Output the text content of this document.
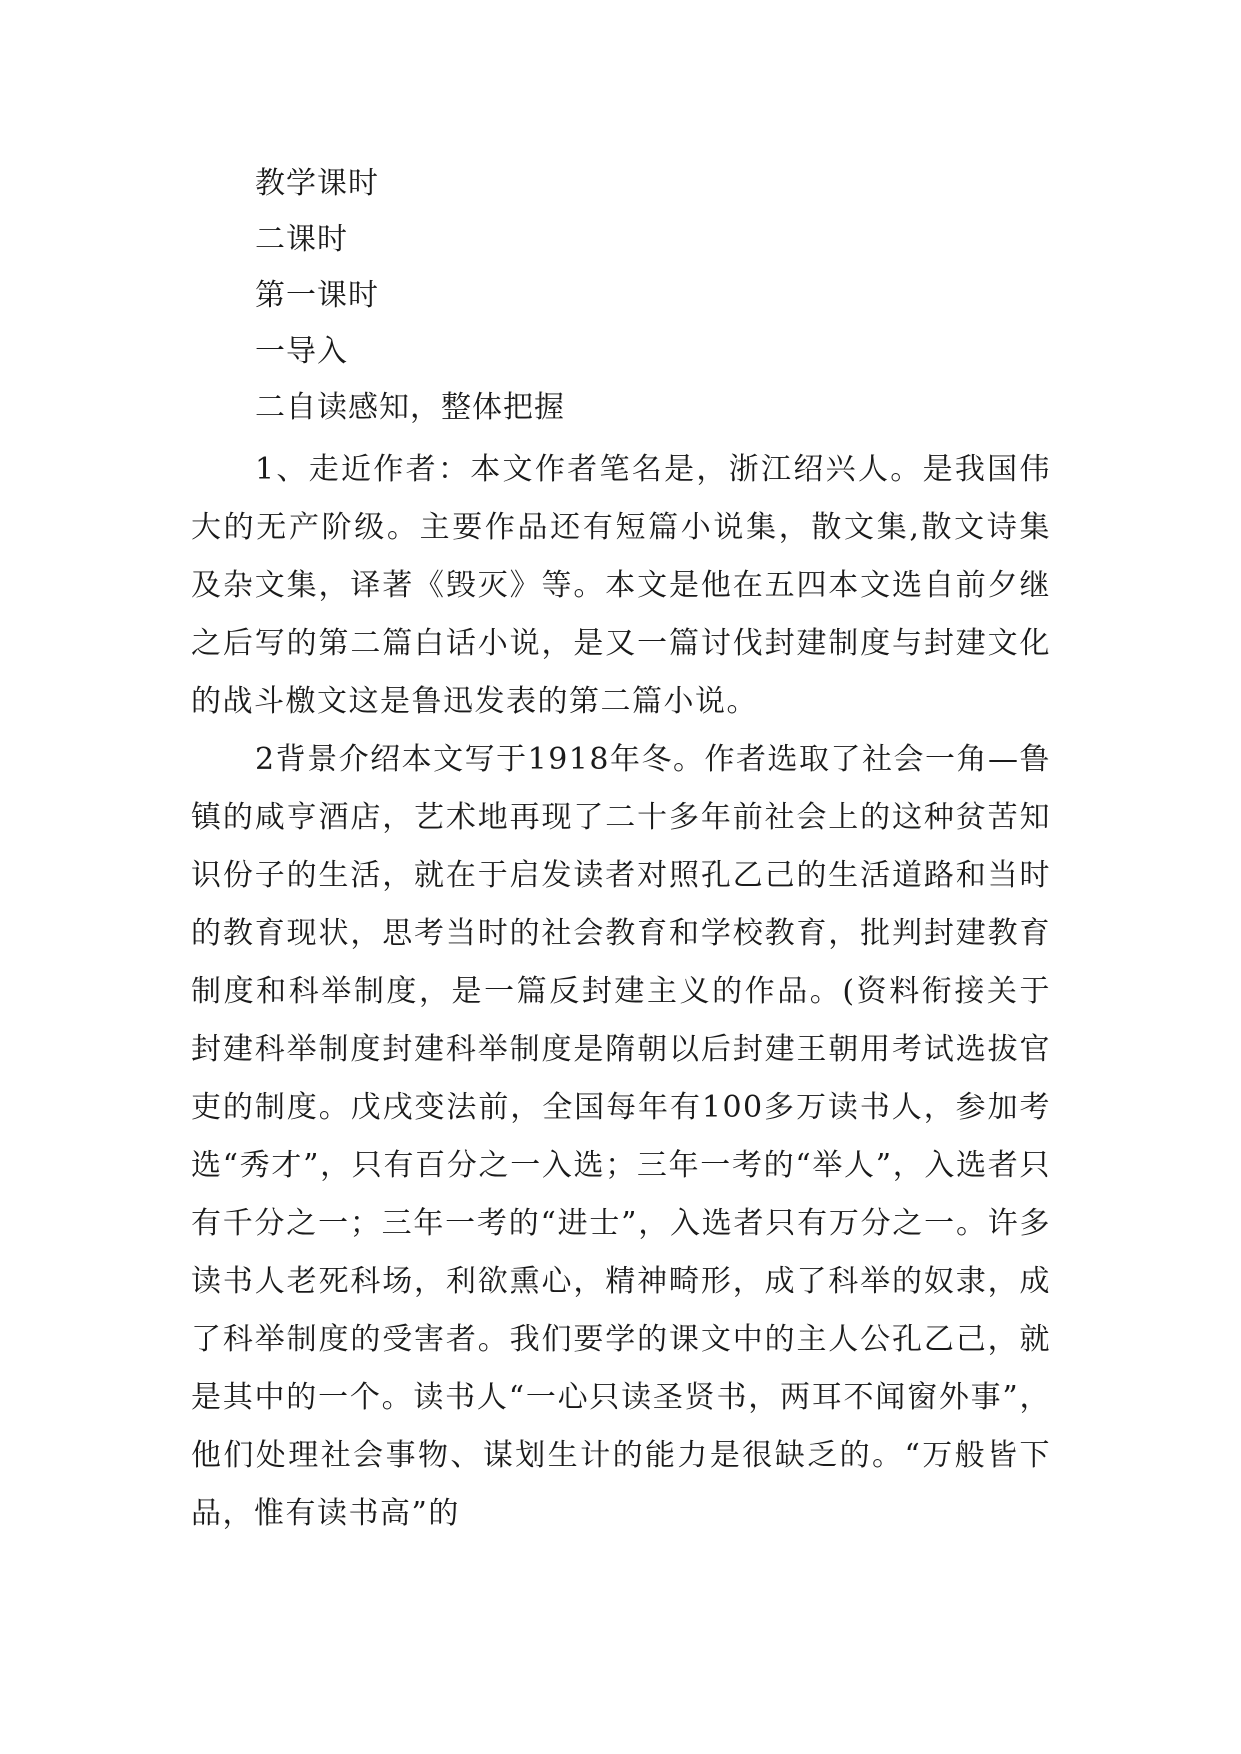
教学课时
二课时
第一课时
一导入
二自读感知，整体把握

1、走近作者：本文作者笔名是，浙江绍兴人。是我国伟大的无产阶级。主要作品还有短篇小说集，散文集,散文诗集及杂文集，译著《毁灭》等。本文是他在五四本文选自前夕继之后写的第二篇白话小说，是又一篇讨伐封建制度与封建文化的战斗檄文这是鲁迅发表的第二篇小说。

2背景介绍本文写于1918年冬。作者选取了社会一角—鲁镇的咸亨酒店，艺术地再现了二十多年前社会上的这种贫苦知识份子的生活，就在于启发读者对照孔乙己的生活道路和当时的教育现状，思考当时的社会教育和学校教育，批判封建教育制度和科举制度，是一篇反封建主义的作品。(资料衔接关于封建科举制度封建科举制度是隋朝以后封建王朝用考试选拔官吏的制度。戊戌变法前，全国每年有100多万读书人，参加考选“秀才”，只有百分之一入选；三年一考的“举人”，入选者只有千分之一；三年一考的“进士”，入选者只有万分之一。许多读书人老死科场，利欲熏心，精神畸形，成了科举的奴隶，成了科举制度的受害者。我们要学的课文中的主人公孔乙己，就是其中的一个。读书人“一心只读圣贤书，两耳不闻窗外事”，他们处理社会事物、谋划生计的能力是很缺乏的。“万般皆下品，惟有读书高”的
